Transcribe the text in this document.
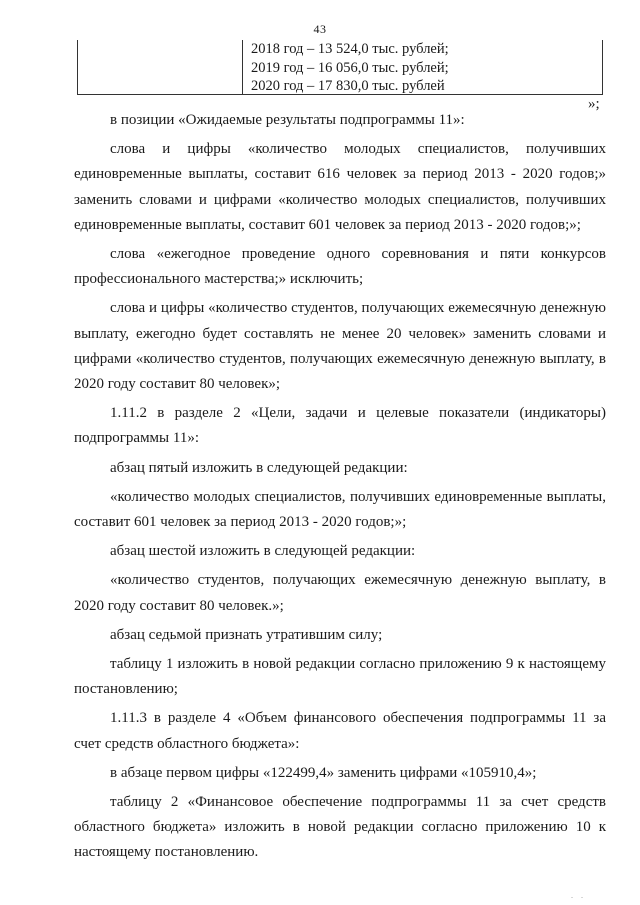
43
2018 год – 13 524,0 тыс. рублей;
2019 год – 16 056,0 тыс. рублей;
2020 год – 17 830,0 тыс. рублей
»;

в позиции «Ожидаемые результаты подпрограммы 11»:

слова и цифры «количество молодых специалистов, получивших единовременные выплаты, составит 616 человек за период 2013 - 2020 годов;» заменить словами и цифрами «количество молодых специалистов, получивших единовременные выплаты, составит 601 человек за период 2013 - 2020 годов;»;

слова «ежегодное проведение одного соревнования и пяти конкурсов профессионального мастерства;» исключить;

слова и цифры «количество студентов, получающих ежемесячную денежную выплату, ежегодно будет составлять не менее 20 человек» заменить словами и цифрами «количество студентов, получающих ежемесячную денежную выплату, в 2020 году составит 80 человек»;

1.11.2 в разделе 2 «Цели, задачи и целевые показатели (индикаторы) подпрограммы 11»:

абзац пятый изложить в следующей редакции:

«количество молодых специалистов, получивших единовременные выплаты, составит 601 человек за период 2013 - 2020 годов;»;

абзац шестой изложить в следующей редакции:

«количество студентов, получающих ежемесячную денежную выплату, в 2020 году составит 80 человек.»;

абзац седьмой признать утратившим силу;

таблицу 1 изложить в новой редакции согласно приложению 9 к настоящему постановлению;

1.11.3 в разделе 4 «Объем финансового обеспечения подпрограммы 11 за счет средств областного бюджета»:

в абзаце первом цифры «122499,4» заменить цифрами «105910,4»;

таблицу 2 «Финансовое обеспечение подпрограммы 11 за счет средств областного бюджета» изложить в новой редакции согласно приложению 10 к настоящему постановлению.

. .
